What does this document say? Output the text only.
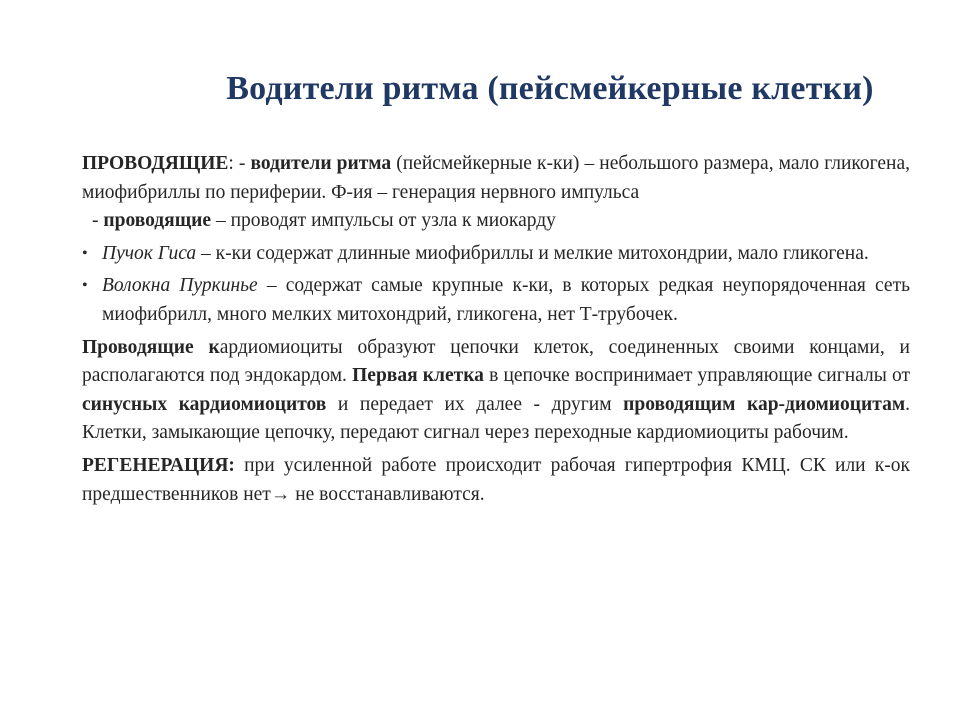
Водители ритма (пейсмейкерные клетки)

ПРОВОДЯЩИЕ: - водители ритма (пейсмейкерные к-ки) – небольшого размера, мало гликогена, миофибриллы по периферии. Ф-ия – генерация нервного импульса

- проводящие – проводят импульсы от узла к миокарду

• Пучок Гиса – к-ки содержат длинные миофибриллы и мелкие митохондрии, мало гликогена.
• Волокна Пуркинье – содержат самые крупные к-ки, в которых редкая неупорядоченная сеть миофибрилл, много мелких митохондрий, гликогена, нет Т-трубочек.

Проводящие кардиомиоциты образуют цепочки клеток, соединенных своими концами, и располагаются под эндокардом. Первая клетка в цепочке воспринимает управляющие сигналы от синусных кардиомиоцитов и передает их далее - другим проводящим кар-диомиоцитам. Клетки, замыкающие цепочку, передают сигнал через переходные кардиомиоциты рабочим.

РЕГЕНЕРАЦИЯ: при усиленной работе происходит рабочая гипертрофия КМЦ. СК или к-ок предшественников нет→ не восстанавливаются.
